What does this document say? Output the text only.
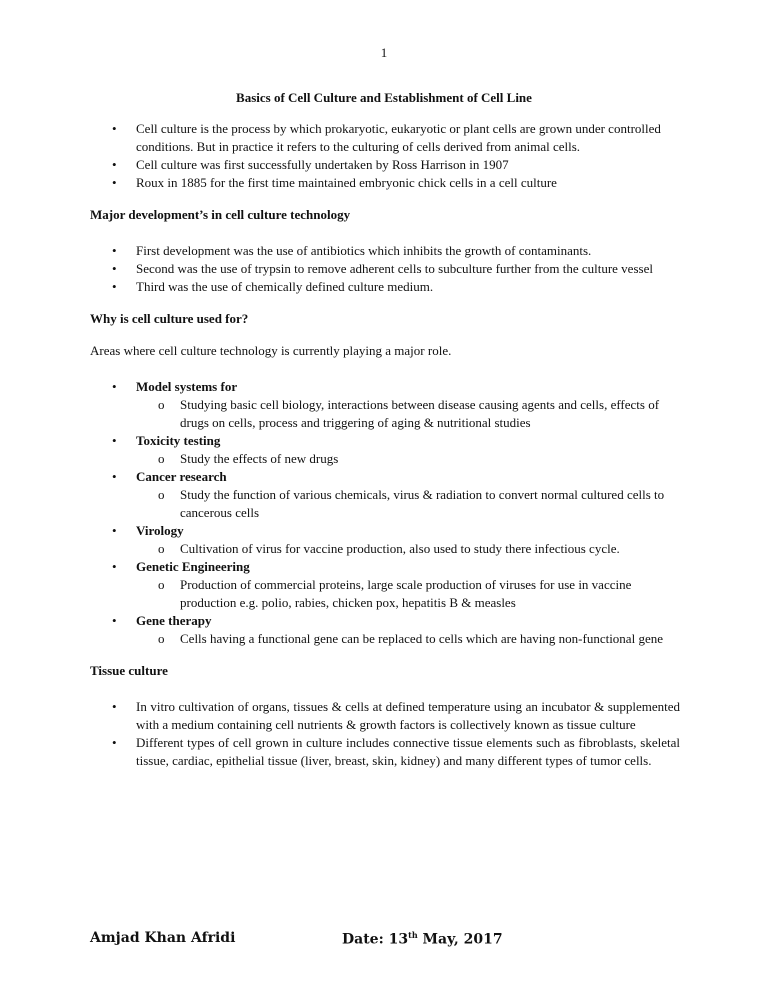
1
Basics of Cell Culture and Establishment of Cell Line
• Cell culture is the process by which prokaryotic, eukaryotic or plant cells are grown under controlled conditions. But in practice it refers to the culturing of cells derived from animal cells.
• Cell culture was first successfully undertaken by Ross Harrison in 1907
• Roux in 1885 for the first time maintained embryonic chick cells in a cell culture
Major development’s in cell culture technology
• First development was the use of antibiotics which inhibits the growth of contaminants.
• Second was the use of trypsin to remove adherent cells to subculture further from the culture vessel
• Third was the use of chemically defined culture medium.
Why is cell culture used for?

Areas where cell culture technology is currently playing a major role.

• Model systems for
o Studying basic cell biology, interactions between disease causing agents and cells, effects of drugs on cells, process and triggering of aging & nutritional studies
• Toxicity testing
o Study the effects of new drugs
• Cancer research
o Study the function of various chemicals, virus & radiation to convert normal cultured cells to cancerous cells
• Virology
o Cultivation of virus for vaccine production, also used to study there infectious cycle.
• Genetic Engineering
o Production of commercial proteins, large scale production of viruses for use in vaccine production e.g. polio, rabies, chicken pox, hepatitis B & measles
• Gene therapy
o Cells having a functional gene can be replaced to cells which are having non-functional gene
Tissue culture
• In vitro cultivation of organs, tissues & cells at defined temperature using an incubator & supplemented with a medium containing cell nutrients & growth factors is collectively known as tissue culture
• Different types of cell grown in culture includes connective tissue elements such as fibroblasts, skeletal tissue, cardiac, epithelial tissue (liver, breast, skin, kidney) and many different types of tumor cells.
Amjad Khan Afridi	Date: 13th May, 2017
